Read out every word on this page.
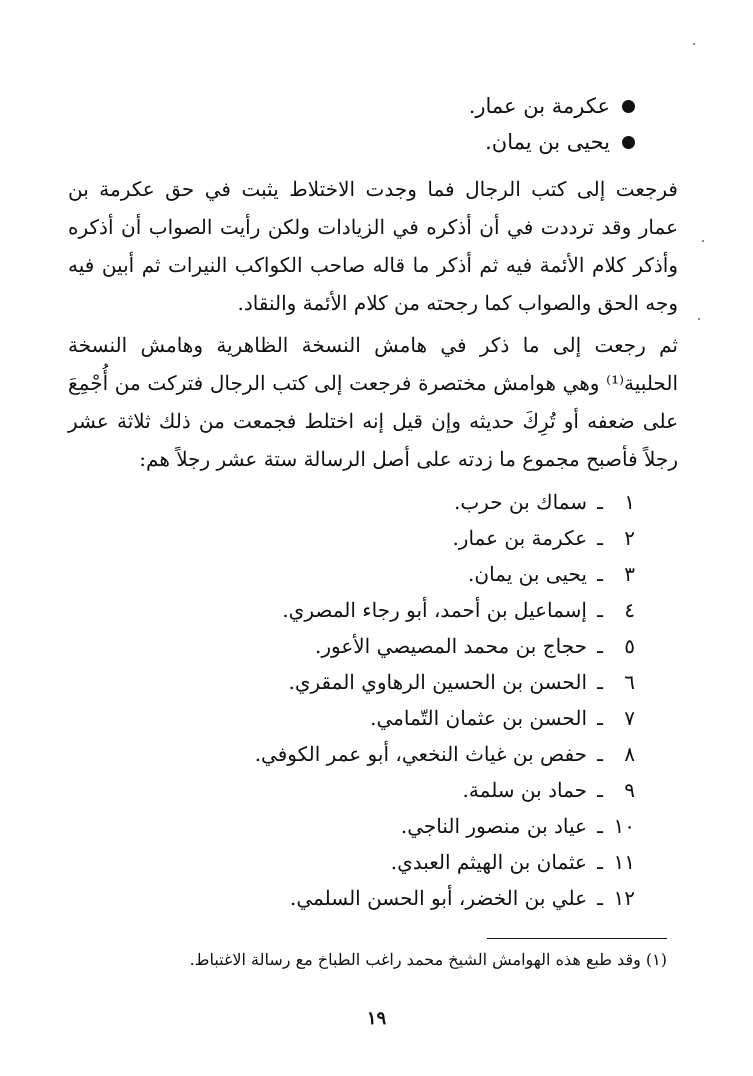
عكرمة بن عمار.
يحيى بن يمان.

فرجعت إلى كتب الرجال فما وجدت الاختلاط يثبت في حق عكرمة بن عمار وقد ترددت في أن أذكره في الزيادات ولكن رأيت الصواب أن أذكره وأذكر كلام الأئمة فيه ثم أذكر ما قاله صاحب الكواكب النيرات ثم أبين فيه وجه الحق والصواب كما رجحته من كلام الأئمة والنقاد.

ثم رجعت إلى ما ذكر في هامش النسخة الظاهرية وهامش النسخة الحلبية⁽¹⁾ وهي هوامش مختصرة فرجعت إلى كتب الرجال فتركت من أُجْمِعَ على ضعفه أو تُرِكَ حديثه وإن قيل إنه اختلط فجمعت من ذلك ثلاثة عشر رجلاً فأصبح مجموع ما زدته على أصل الرسالة ستة عشر رجلاً هم:

١
ـ
سماك بن حرب.
٢
ـ
عكرمة بن عمار.
٣
ـ
يحيى بن يمان.
٤
ـ
إسماعيل بن أحمد، أبو رجاء المصري.
٥
ـ
حجاج بن محمد المصيصي الأعور.
٦
ـ
الحسن بن الحسين الرهاوي المقري.
٧
ـ
الحسن بن عثمان التّمامي.
٨
ـ
حفص بن غياث النخعي، أبو عمر الكوفي.
٩
ـ
حماد بن سلمة.
١٠
ـ
عياد بن منصور الناجي.
١١
ـ
عثمان بن الهيثم العبدي.
١٢
ـ
علي بن الخضر، أبو الحسن السلمي.
(١) وقد طبع هذه الهوامش الشيخ محمد راغب الطباخ مع رسالة الاغتباط.
١٩
